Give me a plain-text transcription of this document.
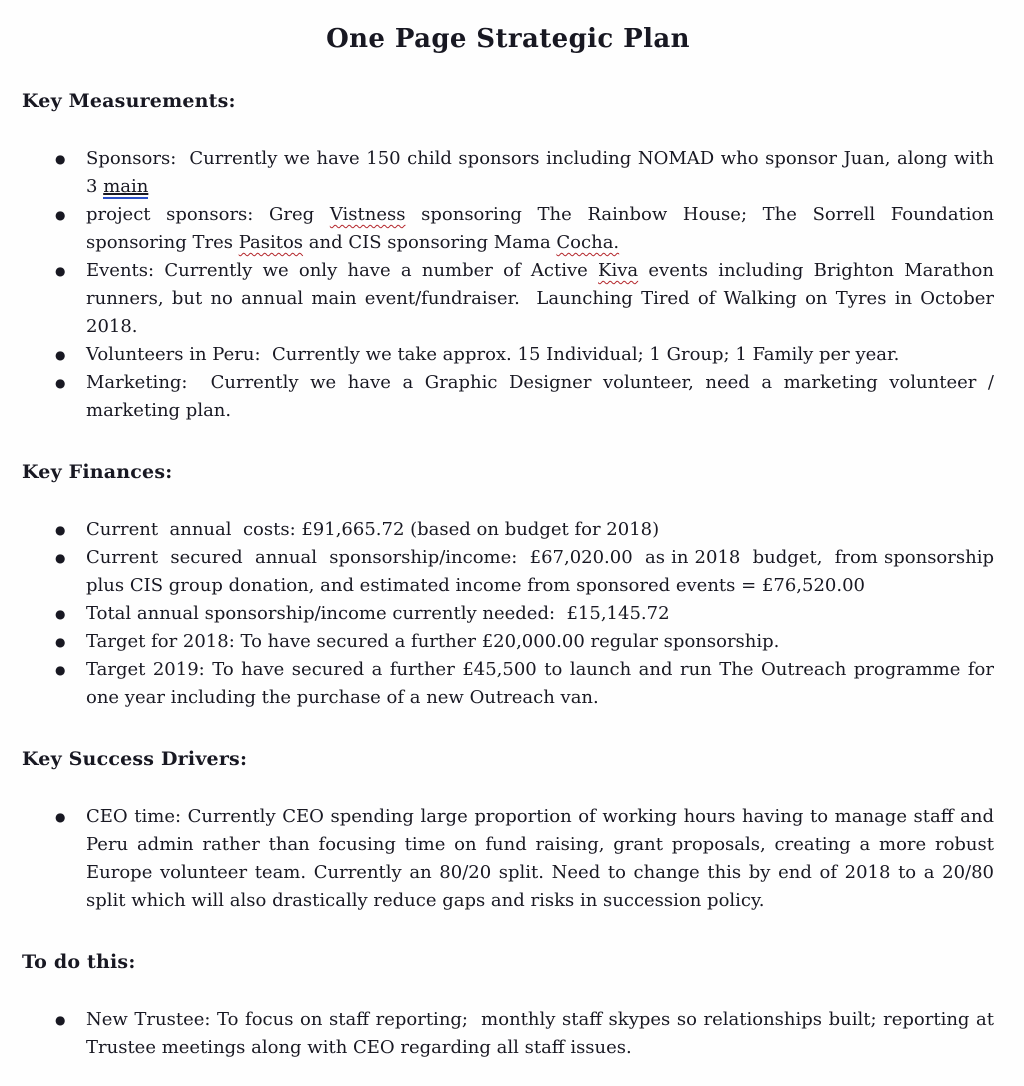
One Page Strategic Plan
Key Measurements:
● Sponsors:  Currently we have 150 child sponsors including NOMAD who sponsor Juan, along with 3 main
● project sponsors: Greg Vistness sponsoring The Rainbow House; The Sorrell Foundation sponsoring Tres Pasitos and CIS sponsoring Mama Cocha.
● Events: Currently we only have a number of Active Kiva events including Brighton Marathon runners, but no annual main event/fundraiser.  Launching Tired of Walking on Tyres in October 2018.
● Volunteers in Peru:  Currently we take approx. 15 Individual; 1 Group; 1 Family per year.
● Marketing:  Currently we have a Graphic Designer volunteer, need a marketing volunteer / marketing plan.
Key Finances:
● Current  annual  costs: £91,665.72 (based on budget for 2018)
● Current  secured  annual  sponsorship/income:  £67,020.00  as in 2018  budget,  from sponsorship plus CIS group donation, and estimated income from sponsored events = £76,520.00
● Total annual sponsorship/income currently needed:  £15,145.72
● Target for 2018: To have secured a further £20,000.00 regular sponsorship.
● Target 2019: To have secured a further £45,500 to launch and run The Outreach programme for one year including the purchase of a new Outreach van.
Key Success Drivers:
● CEO time: Currently CEO spending large proportion of working hours having to manage staff and Peru admin rather than focusing time on fund raising, grant proposals, creating a more robust Europe volunteer team. Currently an 80/20 split. Need to change this by end of 2018 to a 20/80 split which will also drastically reduce gaps and risks in succession policy.
To do this:
● New Trustee: To focus on staff reporting;  monthly staff skypes so relationships built; reporting at Trustee meetings along with CEO regarding all staff issues.
